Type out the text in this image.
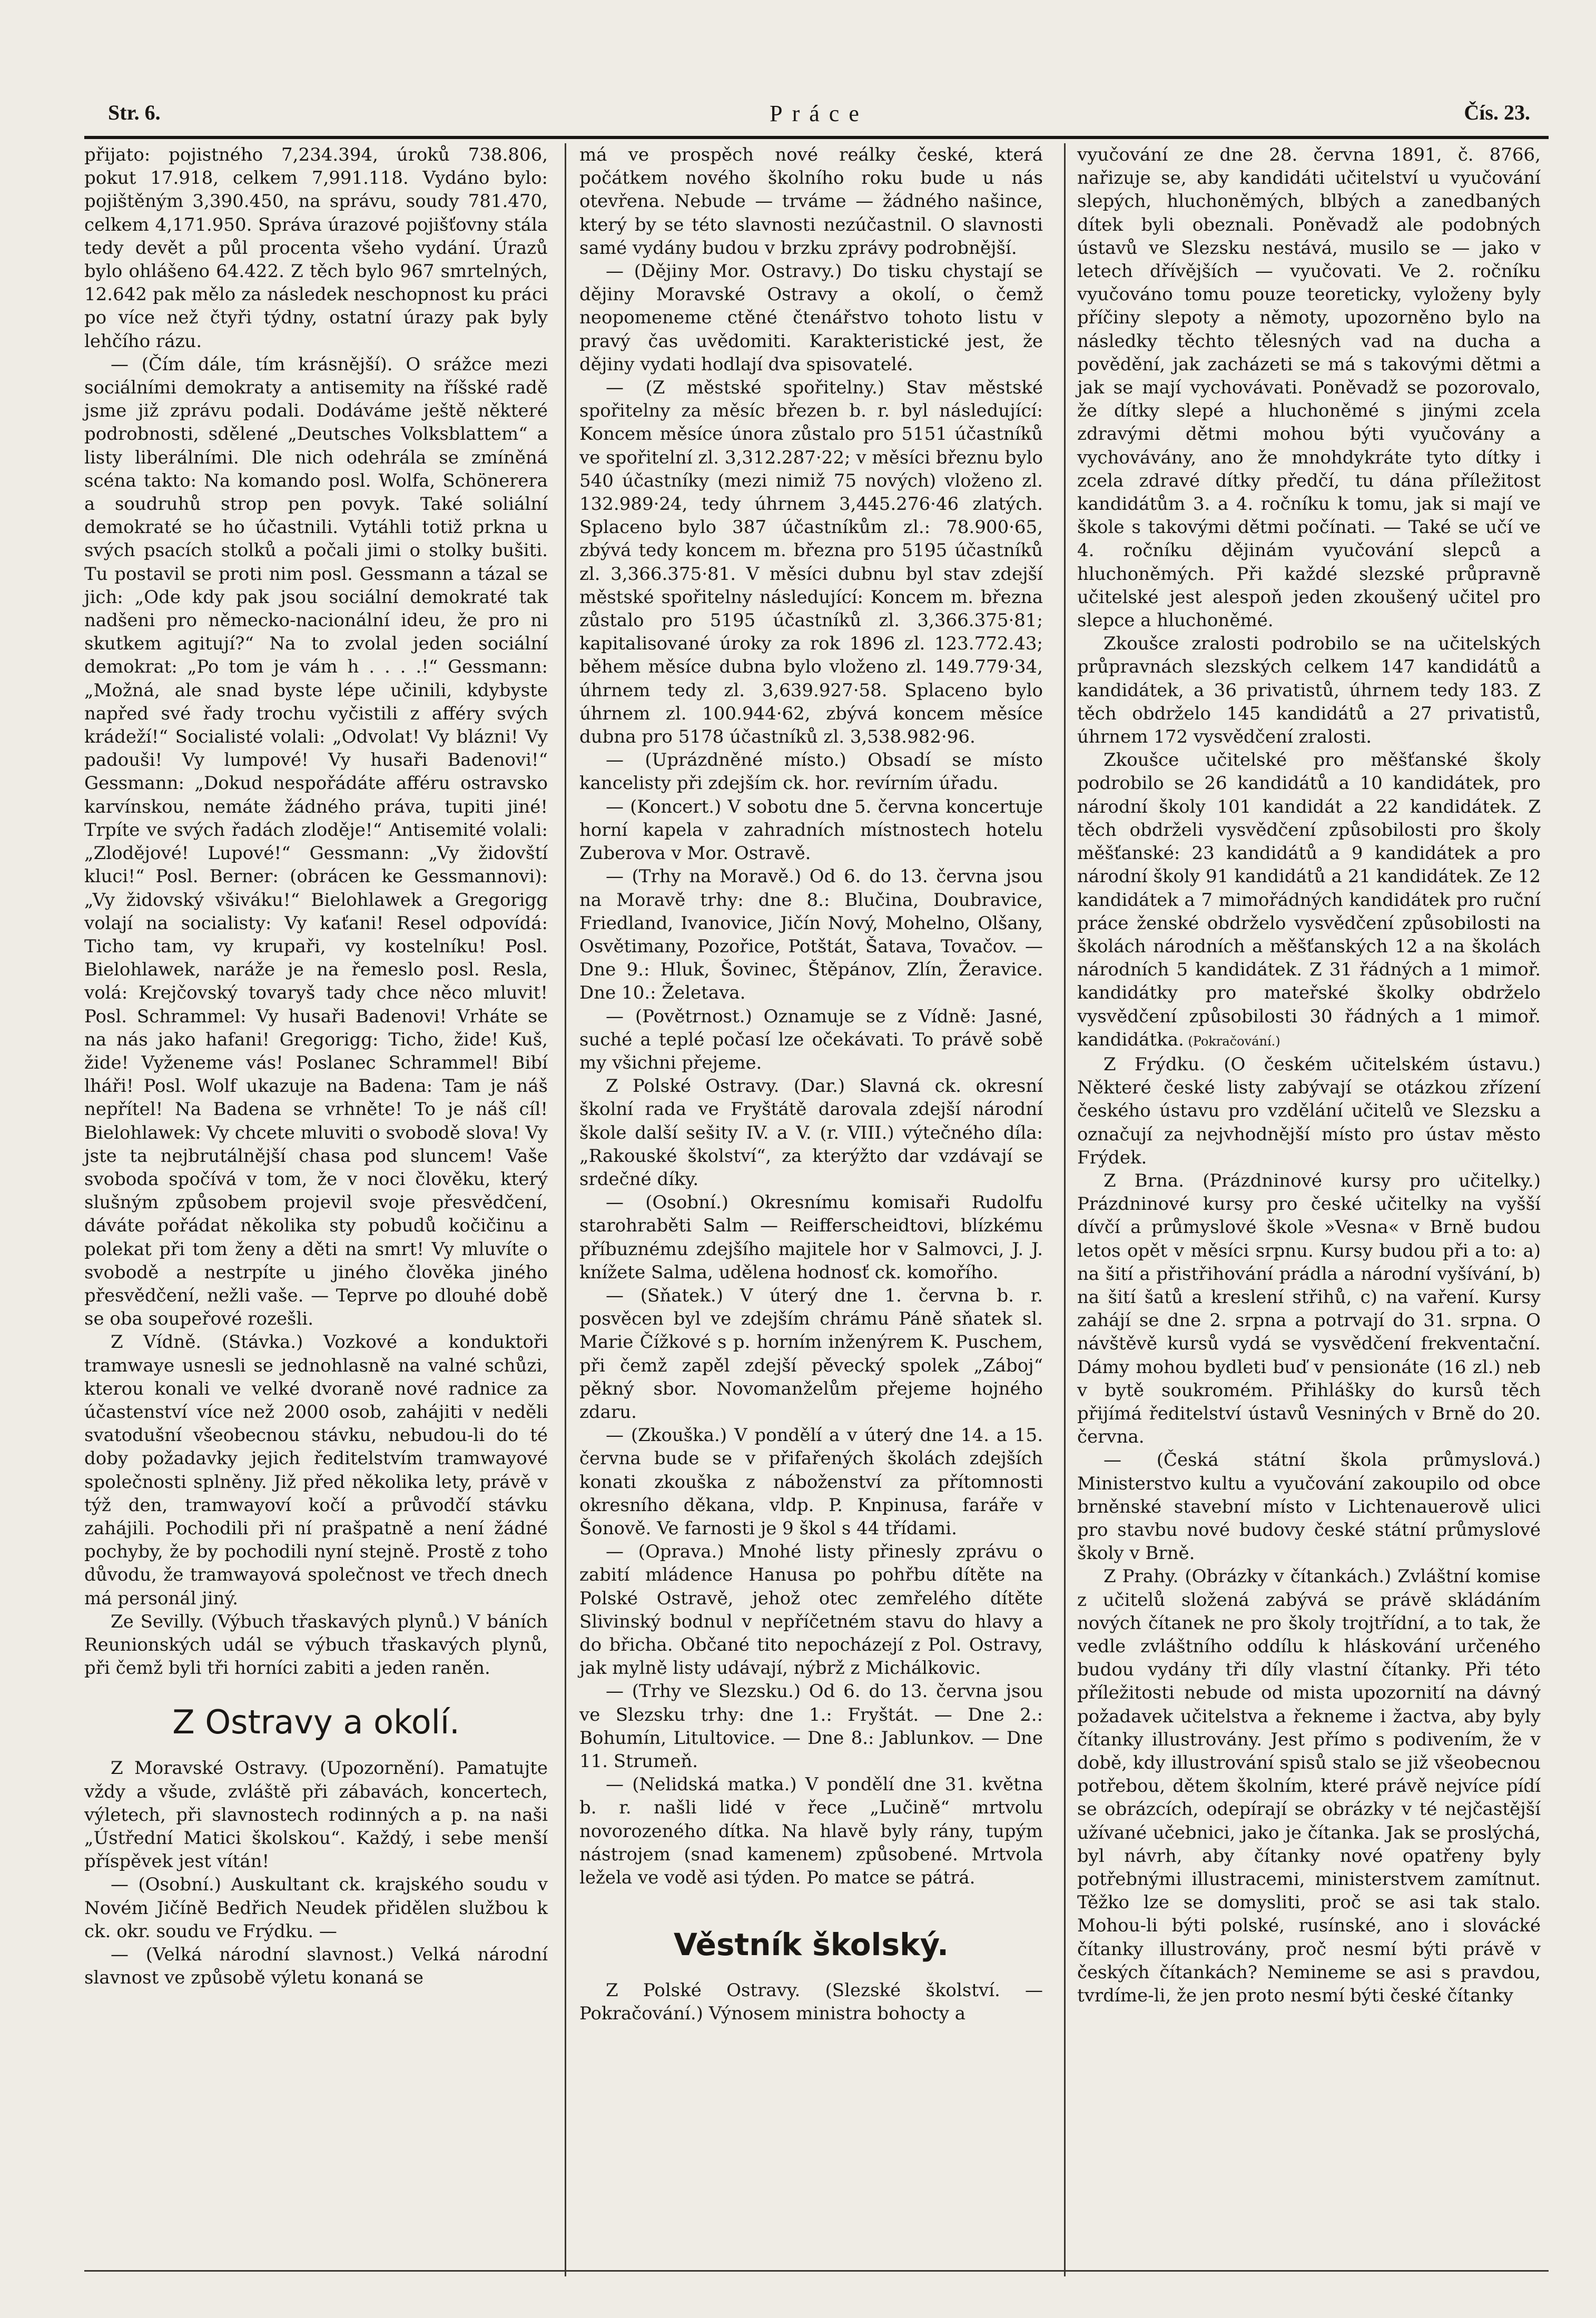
Str. 6.	Práce	Čís. 23.

přijato: pojistného 7,234.394, úroků 738.806, pokut 17.918, celkem 7,991.118. Vydáno bylo: pojištěným 3,390.450, na správu, soudy 781.470, celkem 4,171.950. Správa úrazové pojišťovny stála tedy devět a půl procenta všeho vydání. Úrazů bylo ohlášeno 64.422. Z těch bylo 967 smrtelných, 12.642 pak mělo za následek neschopnost ku práci po více než čtyři týdny, ostatní úrazy pak byly lehčího rázu.

— (Čím dále, tím krásnější). O srážce mezi sociálními demokraty a antisemity na říšské radě jsme již zprávu podali. Dodáváme ještě některé podrobnosti, sdělené „Deutsches Volksblattem“ a listy liberálními. Dle nich odehrála se zmíněná scéna takto: Na komando posl. Wolfa, Schönerera a soudruhů strop pen povyk. Také soliální demokraté se ho účastnili. Vytáhli totiž prkna u svých psacích stolků a počali jimi o stolky bušiti. Tu postavil se proti nim posl. Gessmann a tázal se jich: „Ode kdy pak jsou sociální demokraté tak nadšeni pro německo-nacionální ideu, že pro ni skutkem agitují?“ Na to zvolal jeden sociální demokrat: „Po tom je vám h . . . .!“ Gessmann: „Možná, ale snad byste lépe učinili, kdybyste napřed své řady trochu vyčistili z afféry svých krádeží!“ Socialisté volali: „Odvolat! Vy blázni! Vy padouši! Vy lumpové! Vy husaři Badenovi!“ Gessmann: „Dokud nespořádáte afféru ostravsko karvínskou, nemáte žádného práva, tupiti jiné! Trpíte ve svých řadách zloděje!“ Antisemité volali: „Zlodějové! Lupové!“ Gessmann: „Vy židovští kluci!“ Posl. Berner: (obrácen ke Gessmannovi): „Vy židovský všiváku!“ Bielohlawek a Gregorigg volají na socialisty: Vy kaťani! Resel odpovídá: Ticho tam, vy krupaři, vy kostelníku! Posl. Bielohlawek, naráže je na řemeslo posl. Resla, volá: Krejčovský tovaryš tady chce něco mluvit! Posl. Schrammel: Vy husaři Badenovi! Vrháte se na nás jako hafani! Gregorigg: Ticho, žide! Kuš, žide! Vyženeme vás! Poslanec Schrammel! Bibí lháři! Posl. Wolf ukazuje na Badena: Tam je náš nepřítel! Na Badena se vrhněte! To je náš cíl! Bielohlawek: Vy chcete mluviti o svobodě slova! Vy jste ta nejbrutálnější chasa pod sluncem! Vaše svoboda spočívá v tom, že v noci člověku, který slušným způsobem projevil svoje přesvědčení, dáváte pořádat několika sty pobudů kočičinu a polekat při tom ženy a děti na smrt! Vy mluvíte o svobodě a nestrpíte u jiného člověka jiného přesvědčení, nežli vaše. — Teprve po dlouhé době se oba soupeřové rozešli.

Z Vídně. (Stávka.) Vozkové a konduktoři tramwaye usnesli se jednohlasně na valné schůzi, kterou konali ve velké dvoraně nové radnice za účastenství více než 2000 osob, zahájiti v neděli svatodušní všeobecnou stávku, nebudou-li do té doby požadavky jejich ředitelstvím tramwayové společnosti splněny. Již před několika lety, právě v týž den, tramwayoví kočí a průvodčí stávku zahájili. Pochodili při ní prašpatně a není žádné pochyby, že by pochodili nyní stejně. Prostě z toho důvodu, že tramwayová společnost ve třech dnech má personál jiný.

Ze Sevilly. (Výbuch třaskavých plynů.) V báních Reunionských udál se výbuch třaskavých plynů, při čemž byli tři horníci zabiti a jeden raněn.

Z Ostravy a okolí.

Z Moravské Ostravy. (Upozornění). Pamatujte vždy a všude, zvláště při zábavách, koncertech, výletech, při slavnostech rodinných a p. na naši „Ústřední Matici školskou“. Každý, i sebe menší příspěvek jest vítán!

— (Osobní.) Auskultant ck. krajského soudu v Novém Jičíně Bedřich Neudek přidělen službou k ck. okr. soudu ve Frýdku. —

— (Velká národní slavnost.) Velká národní slavnost ve způsobě výletu konaná se

má ve prospěch nové reálky české, která počátkem nového školního roku bude u nás otevřena. Nebude — trváme — žádného našince, který by se této slavnosti nezúčastnil. O slavnosti samé vydány budou v brzku zprávy podrobnější.

— (Dějiny Mor. Ostravy.) Do tisku chystají se dějiny Moravské Ostravy a okolí, o čemž neopomeneme ctěné čtenářstvo tohoto listu v pravý čas uvědomiti. Karakteristické jest, že dějiny vydati hodlají dva spisovatelé.

— (Z městské spořitelny.) Stav městské spořitelny za měsíc březen b. r. byl následující: Koncem měsíce února zůstalo pro 5151 účastníků ve spořitelní zl. 3,312.287·22; v měsíci březnu bylo 540 účastníky (mezi nimiž 75 nových) vloženo zl. 132.989·24, tedy úhrnem 3,445.276·46 zlatých. Splaceno bylo 387 účastníkům zl.: 78.900·65, zbývá tedy koncem m. března pro 5195 účastníků zl. 3,366.375·81. V měsíci dubnu byl stav zdejší městské spořitelny následující: Koncem m. března zůstalo pro 5195 účastníků zl. 3,366.375·81; kapitalisované úroky za rok 1896 zl. 123.772.43; během měsíce dubna bylo vloženo zl. 149.779·34, úhrnem tedy zl. 3,639.927·58. Splaceno bylo úhrnem zl. 100.944·62, zbývá koncem měsíce dubna pro 5178 účastníků zl. 3,538.982·96.

— (Uprázdněné místo.) Obsadí se místo kancelisty při zdejším ck. hor. revírním úřadu.

— (Koncert.) V sobotu dne 5. června koncertuje horní kapela v zahradních místnostech hotelu Zuberova v Mor. Ostravě.

— (Trhy na Moravě.) Od 6. do 13. června jsou na Moravě trhy: dne 8.: Blučina, Doubravice, Friedland, Ivanovice, Jičín Nový, Mohelno, Olšany, Osvětimany, Pozořice, Potštát, Šatava, Tovačov. — Dne 9.: Hluk, Šovinec, Štěpánov, Zlín, Žeravice. Dne 10.: Želetava.

— (Povětrnost.) Oznamuje se z Vídně: Jasné, suché a teplé počasí lze očekávati. To právě sobě my všichni přejeme.

Z Polské Ostravy. (Dar.) Slavná ck. okresní školní rada ve Fryštátě darovala zdejší národní škole další sešity IV. a V. (r. VIII.) výtečného díla: „Rakouské školství“, za kterýžto dar vzdávají se srdečné díky.

— (Osobní.) Okresnímu komisaři Rudolfu starohraběti Salm — Reifferscheidtovi, blízkému příbuznému zdejšího majitele hor v Salmovci, J. J. knížete Salma, udělena hodnosť ck. komořího.

— (Sňatek.) V úterý dne 1. června b. r. posvěcen byl ve zdejším chrámu Páně sňatek sl. Marie Čížkové s p. horním inženýrem K. Puschem, při čemž zapěl zdejší pěvecký spolek „Záboj“ pěkný sbor. Novomanželům přejeme hojného zdaru.

— (Zkouška.) V pondělí a v úterý dne 14. a 15. června bude se v přifařených školách zdejších konati zkouška z náboženství za přítomnosti okresního děkana, vldp. P. Knpinusa, faráře v Šonově. Ve farnosti je 9 škol s 44 třídami.

— (Oprava.) Mnohé listy přinesly zprávu o zabití mládence Hanusa po pohřbu dítěte na Polské Ostravě, jehož otec zemřelého dítěte Slivinský bodnul v nepříčetném stavu do hlavy a do břicha. Občané tito nepocházejí z Pol. Ostravy, jak mylně listy udávají, nýbrž z Michálkovic.

— (Trhy ve Slezsku.) Od 6. do 13. června jsou ve Slezsku trhy: dne 1.: Fryštát. — Dne 2.: Bohumín, Litultovice. — Dne 8.: Jablunkov. — Dne 11. Strumeň.

— (Nelidská matka.) V pondělí dne 31. května b. r. našli lidé v řece „Lučině“ mrtvolu novorozeného dítka. Na hlavě byly rány, tupým nástrojem (snad kamenem) způsobené. Mrtvola ležela ve vodě asi týden. Po matce se pátrá.

Věstník školský.

Z Polské Ostravy. (Slezské školství. — Pokračování.) Výnosem ministra bohocty a

vyučování ze dne 28. června 1891, č. 8766, nařizuje se, aby kandidáti učitelství u vyučování slepých, hluchoněmých, blbých a zanedbaných dítek byli obeznali. Poněvadž ale podobných ústavů ve Slezsku nestává, musilo se — jako v letech dřívějších — vyučovati. Ve 2. ročníku vyučováno tomu pouze teoreticky, vyloženy byly příčiny slepoty a němoty, upozorněno bylo na následky těchto tělesných vad na ducha a povědění, jak zacházeti se má s takovými dětmi a jak se mají vychovávati. Poněvadž se pozorovalo, že dítky slepé a hluchoněmé s jinými zcela zdravými dětmi mohou býti vyučovány a vychovávány, ano že mnohdykráte tyto dítky i zcela zdravé dítky předčí, tu dána příležitost kandidátům 3. a 4. ročníku k tomu, jak si mají ve škole s takovými dětmi počínati. — Také se učí ve 4. ročníku dějinám vyučování slepců a hluchoněmých. Při každé slezské průpravně učitelské jest alespoň jeden zkoušený učitel pro slepce a hluchoněmé.

Zkoušce zralosti podrobilo se na učitelských průpravnách slezských celkem 147 kandidátů a kandidátek, a 36 privatistů, úhrnem tedy 183. Z těch obdrželo 145 kandidátů a 27 privatistů, úhrnem 172 vysvědčení zralosti.

Zkoušce učitelské pro měšťanské školy podrobilo se 26 kandidátů a 10 kandidátek, pro národní školy 101 kandidát a 22 kandidátek. Z těch obdrželi vysvědčení způsobilosti pro školy měšťanské: 23 kandidátů a 9 kandidátek a pro národní školy 91 kandidátů a 21 kandidátek. Ze 12 kandidátek a 7 mimořádných kandidátek pro ruční práce ženské obdrželo vysvědčení způsobilosti na školách národních a měšťanských 12 a na školách národních 5 kandidátek. Z 31 řádných a 1 mimoř. kandidátky pro mateřské školky obdrželo vysvědčení způsobilosti 30 řádných a 1 mimoř. kandidátka. (Pokračování.)

Z Frýdku. (O českém učitelském ústavu.) Některé české listy zabývají se otázkou zřízení českého ústavu pro vzdělání učitelů ve Slezsku a označují za nejvhodnější místo pro ústav město Frýdek.

Z Brna. (Prázdninové kursy pro učitelky.) Prázdninové kursy pro české učitelky na vyšší dívčí a průmyslové škole »Vesna« v Brně budou letos opět v měsíci srpnu. Kursy budou při a to: a) na šití a přistřihování prádla a národní vyšívání, b) na šití šatů a kreslení střihů, c) na vaření. Kursy zahájí se dne 2. srpna a potrvají do 31. srpna. O návštěvě kursů vydá se vysvědčení frekventační. Dámy mohou bydleti buď v pensionáte (16 zl.) neb v bytě soukromém. Přihlášky do kursů těch přijímá ředitelství ústavů Vesniných v Brně do 20. června.

— (Česká státní škola průmyslová.) Ministerstvo kultu a vyučování zakoupilo od obce brněnské stavební místo v Lichtenauerově ulici pro stavbu nové budovy české státní průmyslové školy v Brně.

Z Prahy. (Obrázky v čítankách.) Zvláštní komise z učitelů složená zabývá se právě skládáním nových čítanek ne pro školy trojtřídní, a to tak, že vedle zvláštního oddílu k hláskování určeného budou vydány tři díly vlastní čítanky. Při této příležitosti nebude od mista upozornití na dávný požadavek učitelstva a řekneme i žactva, aby byly čítanky illustrovány. Jest přímo s podivením, že v době, kdy illustrování spisů stalo se již všeobecnou potřebou, dětem školním, které právě nejvíce pídí se obrázcích, odepírají se obrázky v té nejčastější užívané učebnici, jako je čítanka. Jak se proslýchá, byl návrh, aby čítanky nové opatřeny byly potřebnými illustracemi, ministerstvem zamítnut. Těžko lze se domysliti, proč se asi tak stalo. Mohou-li býti polské, rusínské, ano i slovácké čítanky illustrovány, proč nesmí býti právě v českých čítankách? Nemineme se asi s pravdou, tvrdíme-li, že jen proto nesmí býti české čítanky
